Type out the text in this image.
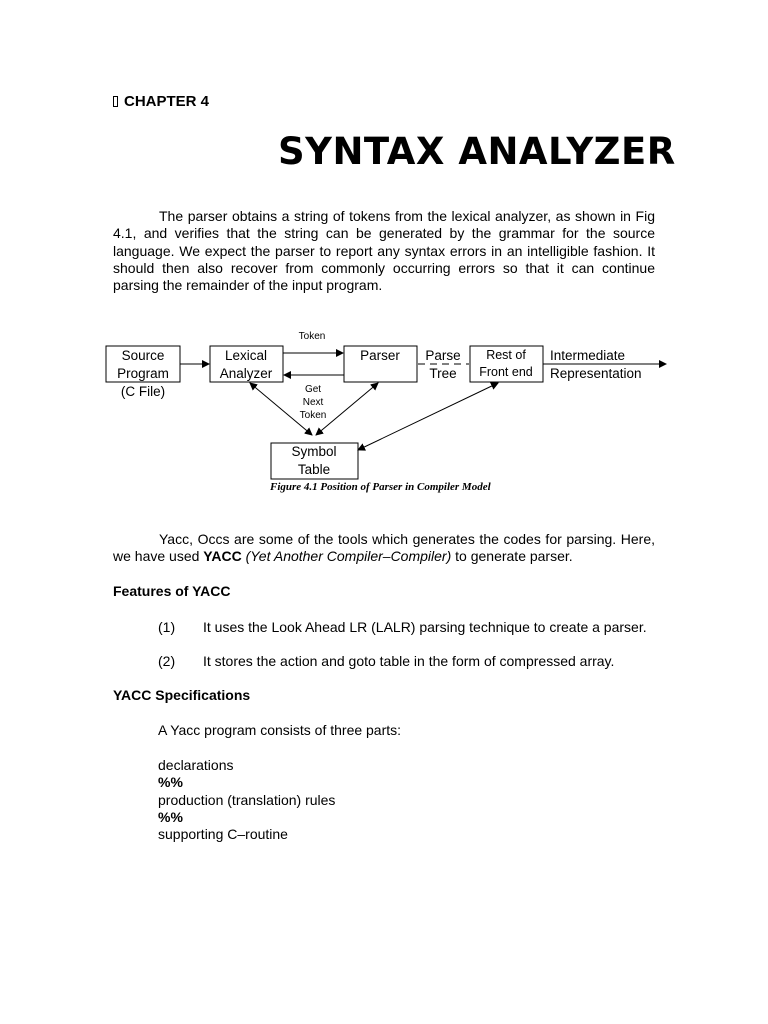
CHAPTER 4
SYNTAX ANALYZER

The parser obtains a string of tokens from the lexical analyzer, as shown in Fig 4.1, and verifies that the string can be generated by the grammar for the source language. We expect the parser to report any syntax errors in an intelligible fashion. It should then also recover from commonly occurring errors so that it can continue parsing the remainder of the input program.

Source
Program
(C File)
Lexical
Analyzer
Token
Parser
Get
Next
Token
Parse
Tree
Rest of
Front end
Intermediate
Representation
Symbol
Table
Figure 4.1 Position of Parser in Compiler Model

Yacc, Occs are some of the tools which generates the codes for parsing. Here, we have used YACC (Yet Another Compiler–Compiler) to generate parser.

Features of YACC
(1) It uses the Look Ahead LR (LALR) parsing technique to create a parser.
(2) It stores the action and goto table in the form of compressed array.
YACC Specifications
A Yacc program consists of three parts:
declarations
%%
production (translation) rules
%%
supporting C–routine
